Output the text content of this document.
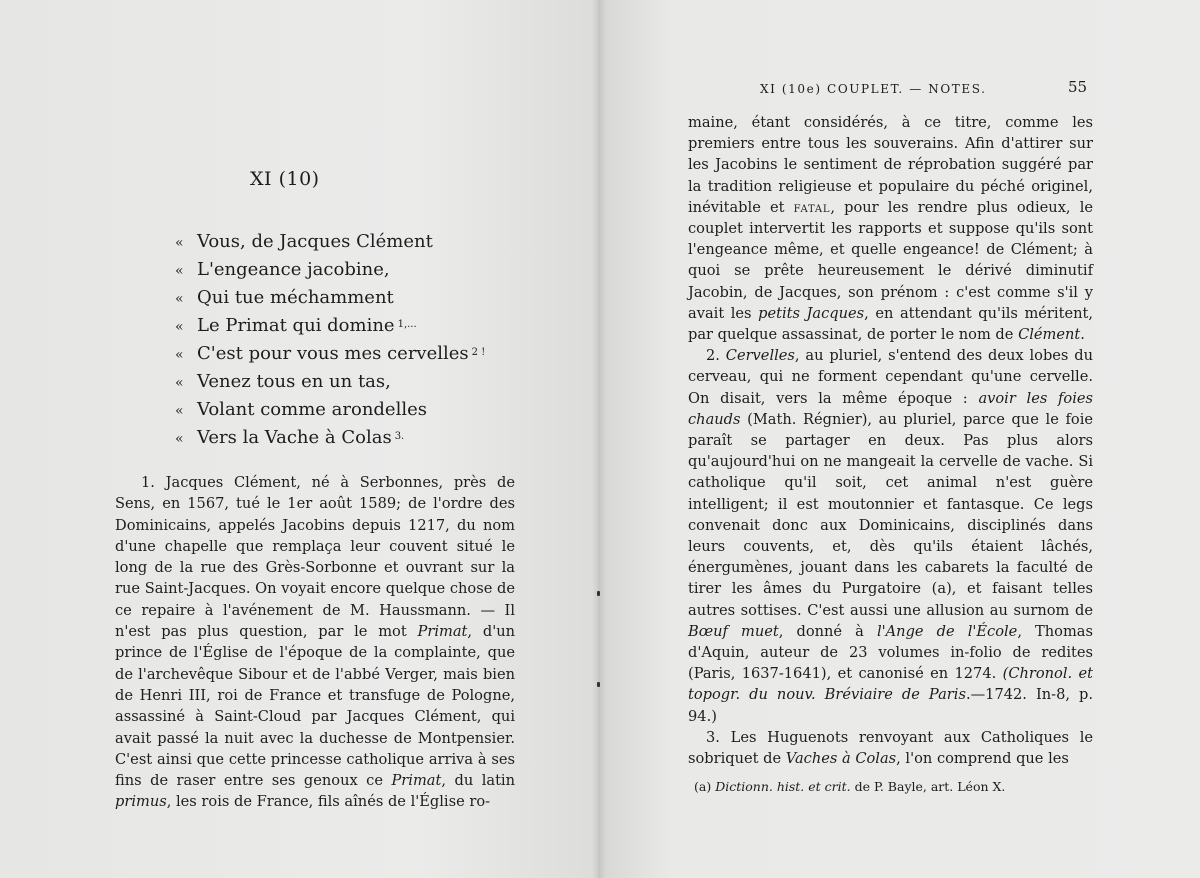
XI (10)
« Vous, de Jacques Clément
« L'engeance jacobine,
« Qui tue méchamment
« Le Primat qui domine $^{1,...}$
« C'est pour vous mes cervelles $^{2 !}$
« Venez tous en un tas,
« Volant comme arondelles
« Vers la Vache à Colas $^{3.}$

1. Jacques Clément, né à Serbonnes, près de Sens, en 1567, tué le 1er août 1589; de l'ordre des Dominicains, appelés Jacobins depuis 1217, du nom d'une chapelle que remplaça leur couvent situé le long de la rue des Grès-Sorbonne et ouvrant sur la rue Saint-Jacques. On voyait encore quelque chose de ce repaire à l'avénement de M. Haussmann. — Il n'est pas plus question, par le mot Primat, d'un prince de l'Église de l'époque de la complainte, que de l'archevêque Sibour et de l'abbé Verger, mais bien de Henri III, roi de France et transfuge de Pologne, assassiné à Saint-Cloud par Jacques Clément, qui avait passé la nuit avec la duchesse de Montpensier. C'est ainsi que cette princesse catholique arriva à ses fins de raser entre ses genoux ce Primat, du latin primus, les rois de France, fils aînés de l'Église ro-

XI (10e) COUPLET. — NOTES.	55

maine, étant considérés, à ce titre, comme les premiers entre tous les souverains. Afin d'attirer sur les Jacobins le sentiment de réprobation suggéré par la tradition religieuse et populaire du péché originel, inévitable et fatal, pour les rendre plus odieux, le couplet intervertit les rapports et suppose qu'ils sont l'engeance même, et quelle engeance! de Clément; à quoi se prête heureusement le dérivé diminutif Jacobin, de Jacques, son prénom : c'est comme s'il y avait les petits Jacques, en attendant qu'ils méritent, par quelque assassinat, de porter le nom de Clément.

2. Cervelles, au pluriel, s'entend des deux lobes du cerveau, qui ne forment cependant qu'une cervelle. On disait, vers la même époque : avoir les foies chauds (Math. Régnier), au pluriel, parce que le foie paraît se partager en deux. Pas plus alors qu'aujourd'hui on ne mangeait la cervelle de vache. Si catholique qu'il soit, cet animal n'est guère intelligent; il est moutonnier et fantasque. Ce legs convenait donc aux Dominicains, disciplinés dans leurs couvents, et, dès qu'ils étaient lâchés, énergumènes, jouant dans les cabarets la faculté de tirer les âmes du Purgatoire (a), et faisant telles autres sottises. C'est aussi une allusion au surnom de Bœuf muet, donné à l'Ange de l'École, Thomas d'Aquin, auteur de 23 volumes in-folio de redites (Paris, 1637-1641), et canonisé en 1274. (Chronol. et topogr. du nouv. Bréviaire de Paris.—1742. In-8, p. 94.)

3. Les Huguenots renvoyant aux Catholiques le sobriquet de Vaches à Colas, l'on comprend que les

(a) Dictionn. hist. et crit. de P. Bayle, art. Léon X.
